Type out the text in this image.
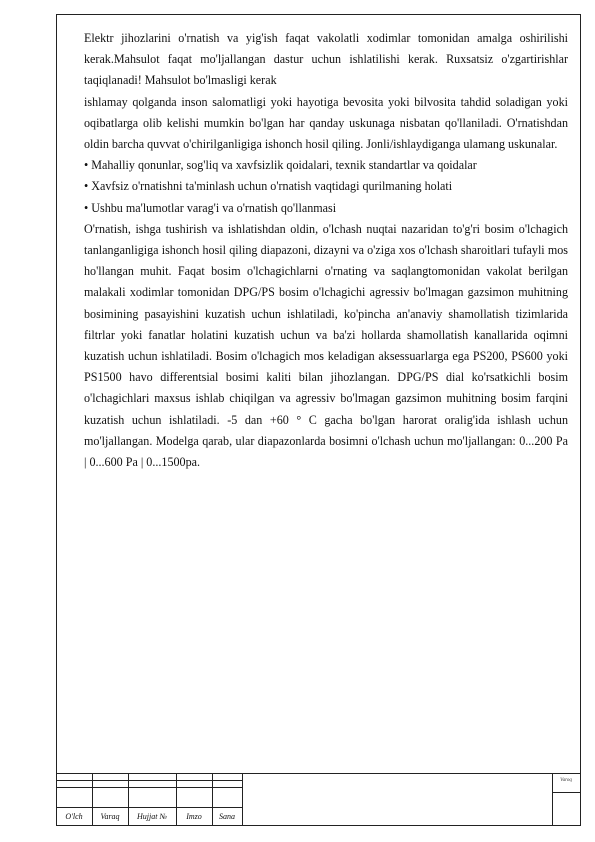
Elektr jihozlarini o'rnatish va yig'ish faqat vakolatli xodimlar tomonidan amalga oshirilishi kerak.Mahsulot faqat mo'ljallangan dastur uchun ishlatilishi kerak. Ruxsatsiz o'zgartirishlar taqiqlanadi! Mahsulot bo'lmasligi kerak

ishlamay qolganda inson salomatligi yoki hayotiga bevosita yoki bilvosita tahdid soladigan yoki oqibatlarga olib kelishi mumkin bo'lgan har qanday uskunaga nisbatan qo'llaniladi. O'rnatishdan oldin barcha quvvat o'chirilganligiga ishonch hosil qiling. Jonli/ishlaydiganga ulamang uskunalar.

• Mahalliy qonunlar, sog'liq va xavfsizlik qoidalari, texnik standartlar va qoidalar

• Xavfsiz o'rnatishni ta'minlash uchun o'rnatish vaqtidagi qurilmaning holati

• Ushbu ma'lumotlar varag'i va o'rnatish qo'llanmasi

O'rnatish, ishga tushirish va ishlatishdan oldin, o'lchash nuqtai nazaridan to'g'ri bosim o'lchagich tanlanganligiga ishonch hosil qiling diapazoni, dizayni va o'ziga xos o'lchash sharoitlari tufayli mos ho'llangan muhit. Faqat bosim o'lchagichlarni o'rnating va saqlangtomonidan vakolat berilgan malakali xodimlar tomonidan DPG/PS bosim o'lchagichi agressiv bo'lmagan gazsimon muhitning bosimining pasayishini kuzatish uchun ishlatiladi, ko'pincha an'anaviy shamollatish tizimlarida filtrlar yoki fanatlar holatini kuzatish uchun va ba'zi hollarda shamollatish kanallarida oqimni kuzatish uchun ishlatiladi. Bosim o'lchagich mos keladigan aksessuarlarga ega PS200, PS600 yoki PS1500 havo differentsial bosimi kaliti bilan jihozlangan. DPG/PS dial ko'rsatkichli bosim o'lchagichlari maxsus ishlab chiqilgan va agressiv bo'lmagan gazsimon muhitning bosim farqini kuzatish uchun ishlatiladi. -5 dan +60 ° C gacha bo'lgan harorat oralig'ida ishlash uchun mo'ljallangan. Modelga qarab, ular diapazonlarda bosimni o'lchash uchun mo'ljallangan: 0...200 Pa | 0...600 Pa | 0...1500pa.

O'lch	Varaq	Hujjat №	Imzo	Sana
Varoq
